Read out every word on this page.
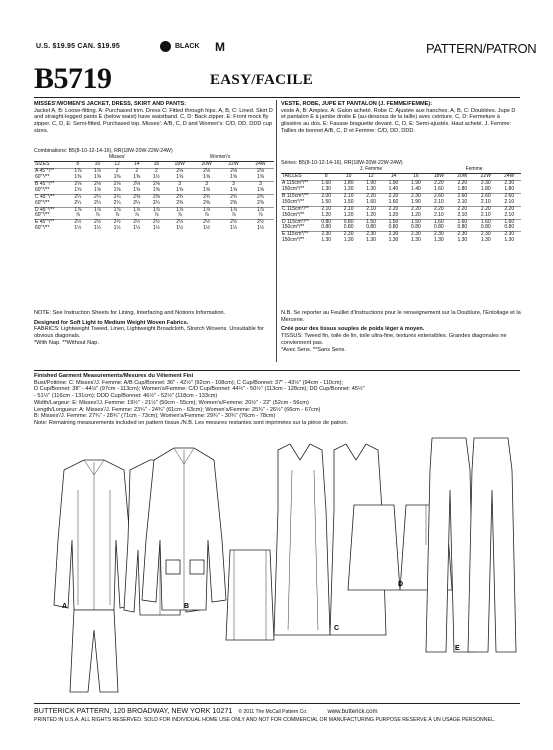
U.S. $19.95 CAN. $19.95	BLACK M	PATTERN/PATRON
B5719	EASY/FACILE
MISSES'/WOMEN'S JACKET, DRESS, SKIRT AND PANTS:
Jacket A, B: Loose-fitting. A: Purchased trim. Dress C: Fitted through hips. A, B, C: Lined. Skirt D and straight-legged pants E (below waist) have waistband. C, D: Back zipper. E: Front mock fly zipper. C, D, E: Semi-fitted. Purchased top. Misses': A/B, C, D and Women's: C/D, DD. DDD cup sizes.
Combinations: B5(8-10-12-14-16), RR(18W-20W-22W-24W)
	Misses'					Women's			
SIZES	8	10	12	14	16	18W	20W	22W	24W
A 45"*/**	1⅞	1⅞	2	2	2	2⅛	2⅛	2⅛	2⅛
60"*/**	1⅜	1⅜	1⅜	1⅜	1½	1⅝	1⅝	1⅝	1⅝
B 45"*/**	2⅛	2⅛	2⅛	2⅛	2⅛	3	3	3	3
60"*/**	1⅝	1⅝	1⅝	1⅝	1⅝	1⅝	1⅝	1⅝	1⅝
C 45"*/**	2¼	2¼	2¼	2⅜	2⅜	2¾	2¾	2¾	2¾
60"*/**	2¼	2¼	2¼	2¼	2¼	2⅜	2⅜	2⅜	2⅜
D 45"*/**	1⅞	1⅞	1⅞	1⅞	1⅞	1⅞	1⅞	1⅞	1⅞
60"*/**	⅞	⅞	⅞	⅞	⅞	⅞	⅞	⅞	⅞
E 45"*/**	2½	2½	2½	2½	2½	2½	2½	2½	2½
60"*/**	1½	1½	1½	1½	1½	1½	1½	1½	1½
NOTE: See Instruction Sheets for Lining, Interfacing and Notions Information.
Designed for Soft Light to Medium Weight Woven Fabrics.
FABRICS: Lightweight Tweed, Linen, Lightweight Broadcloth, Stretch Wovens. Unsuitable for obvious diagonals.
*With Nap. **Without Nap.
VESTE, ROBE, JUPE ET PANTALON (J. FEMME/FEMME):
veste A, B: Amples. A: Galon acheté. Robe C: Ajustée aux hanches. A, B, C: Doublées. Jupe D et pantalon E à jambe droite E (au-dessous de la taille) avec ceinture. C, D: Fermeture à glissière au dos. E: Fausse braguette devant. C, D, E: Semi-ajustés. Haut acheté. J. Femme: Tailles de bonnet A/B, C, D et Femme: C/D, DD, DDD.
Séries: B5(8-10-12-14-16), RR(18W-20W-22W-24W)
	J. Femme					Femme			
TAILLES	8	10	12	14	16	18W	20W	22W	24W
A 115cm*/**	1.60	1.80	1.90	1.90	1.90	2.20	2.20	2.30	2.30
150cm*/**	1.30	1.30	1.30	1.40	1.40	1.60	1.80	1.80	1.80
B 115cm*/**	2.00	2.10	2.20	2.20	2.30	2.60	2.60	2.60	2.60
150cm*/**	1.50	1.50	1.60	1.60	1.90	2.10	2.10	2.10	2.10
C 115cm*/**	2.10	2.10	2.10	2.20	2.20	2.20	2.20	2.20	2.20
150cm*/**	1.20	1.20	1.20	1.20	1.20	2.10	2.10	2.10	2.10
D 115cm*/**	0.80	0.80	1.50	1.50	1.50	1.60	1.60	1.60	1.60
150cm*/**	0.80	0.80	0.80	0.80	0.80	0.80	0.80	0.80	0.80
E 115cm*/**	2.30	2.30	2.30	2.30	2.30	2.30	2.30	2.30	2.30
150cm*/**	1.30	1.30	1.30	1.30	1.30	1.30	1.30	1.30	1.30
N.B. Se reporter au Feuillet d'Instructions pour le renseignement sur la Doublure, l'Entoilage et la Mercerie.
Créé pour des tissus souples de poids léger à moyen.
TISSUS: Tweed fin, toile de lin, toile ultra-fine, textures extensibles. Grandes diagonales ne conviennent pas.
*Avec Sens. **Sans Sens.
Finished Garment Measurements/Mesures du Vêtement Fini
Bust/Poitrine: C: Misses'/J. Femme: A/B Cup/Bonnet: 36" - 42½" (92cm - 108cm); C Cup/Bonnet: 37" - 43½" (94cm - 110cm);
D Cup/Bonnet: 38" - 44½" (97cm - 113cm); Women's/Femme: C/D Cup/Bonnet: 44½" - 50½" (113cm - 128cm); DD Cup/Bonnet: 45½"
- 51½" (116cm - 131cm); DDD Cup/Bonnet: 46½" - 52½" (118cm - 133cm)
Width/Largeur: E: Misses'/J. Femme: 19½" - 21½" (50cm - 55cm); Women's/Femme: 20½" - 22" (52cm - 56cm)
Length/Longueur: A: Misses'/J. Femme: 23¾" - 24¾" (61cm - 63cm); Women's/Femme: 25¾" - 26½" (66cm - 67cm)
B: Misses'/J. Femme: 27¾" - 28¾" (71cm - 73cm); Women's/Femme: 29¾" - 30¾" (76cm - 78cm)
Note: Remaining measurements included on pattern tissue./N.B. Les mesures restantes sont imprimées sur la pièce de patron.
A	B
C
D
E
BUTTERICK PATTERN, 120 BROADWAY, NEW YORK 10271 © 2011 The McCall Pattern Co.	www.butterick.com
PRINTED IN U.S.A. ALL RIGHTS RESERVED. SOLD FOR INDIVIDUAL HOME USE ONLY AND NOT FOR COMMERCIAL OR MANUFACTURING PURPOSE RESERVE À UN USAGE PERSONNEL.
